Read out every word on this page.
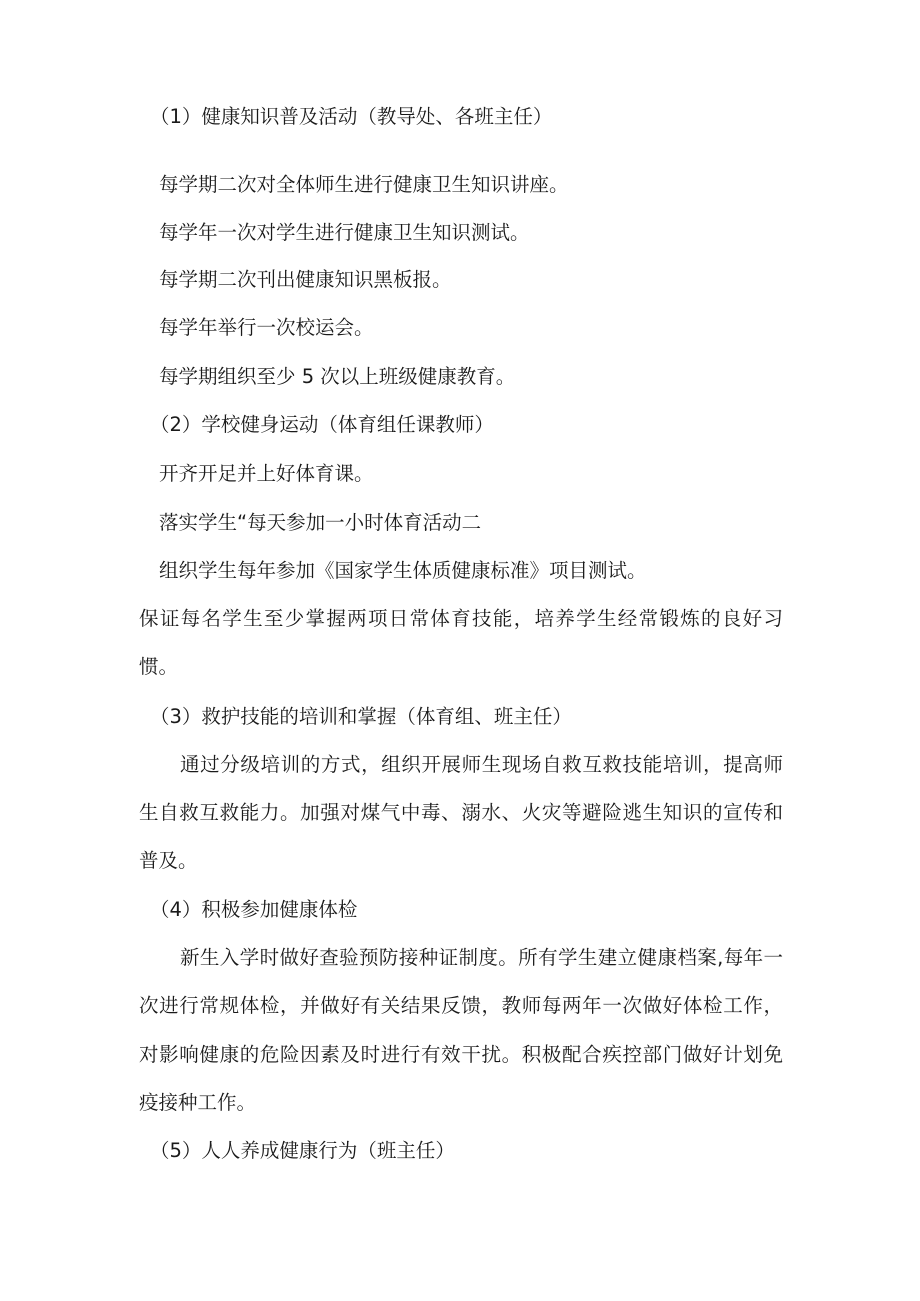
（1）健康知识普及活动（教导处、各班主任）
每学期二次对全体师生进行健康卫生知识讲座。
每学年一次对学生进行健康卫生知识测试。
每学期二次刊出健康知识黑板报。
每学年举行一次校运会。
每学期组织至少 5 次以上班级健康教育。
（2）学校健身运动（体育组任课教师）
开齐开足并上好体育课。
落实学生“每天参加一小时体育活动二
组织学生每年参加《国家学生体质健康标准》项目测试。
保证每名学生至少掌握两项日常体育技能，培养学生经常锻炼的良好习
惯。
（3）救护技能的培训和掌握（体育组、班主任）
通过分级培训的方式，组织开展师生现场自救互救技能培训，提高师
生自救互救能力。加强对煤气中毒、溺水、火灾等避险逃生知识的宣传和
普及。
（4）积极参加健康体检
新生入学时做好查验预防接种证制度。所有学生建立健康档案,每年一
次进行常规体检，并做好有关结果反馈，教师每两年一次做好体检工作，
对影响健康的危险因素及时进行有效干扰。积极配合疾控部门做好计划免
疫接种工作。
（5）人人养成健康行为（班主任）
